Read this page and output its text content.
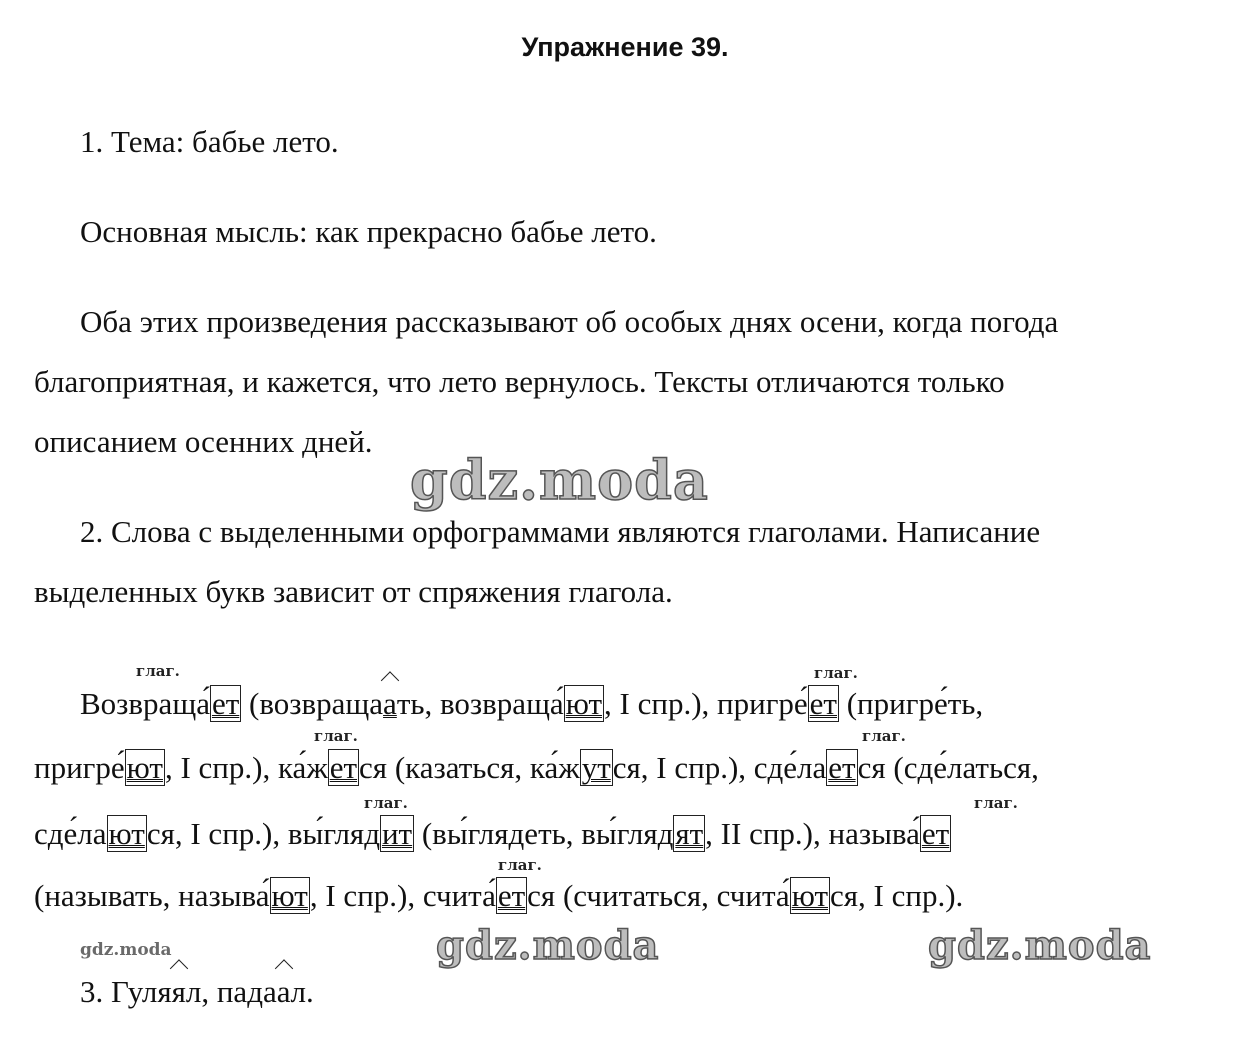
Упражнение 39.
1. Тема: бабье лето.
Основная мысль: как прекрасно бабье лето.
Оба этих произведения рассказывают об особых днях осени, когда погода
благоприятная, и кажется, что лето вернулось. Тексты отличаются только
описанием осенних дней.
2. Слова с выделенными орфограммами являются глаголами. Написание
выделенных букв зависит от спряжения глагола.
глаг.	глаг.
глаг.	глаг.
глаг.	глаг.
глаг.
Возвраща́ет (возвращаать, возвраща́ют, I спр.), пригре́ет (пригре́ть,
пригре́ют, I спр.), ка́жется (казаться, ка́жутся, I спр.), сде́лается (сде́латься,
сде́лаются, I спр.), вы́глядит (вы́глядеть, вы́глядят, II спр.), называ́ет
(называть, называ́ют, I спр.), счита́ется (считаться, счита́ются, I спр.).
3. Гуляял, падаал.
gdz.moda
gdz.moda	gdz.moda
gdz.moda
